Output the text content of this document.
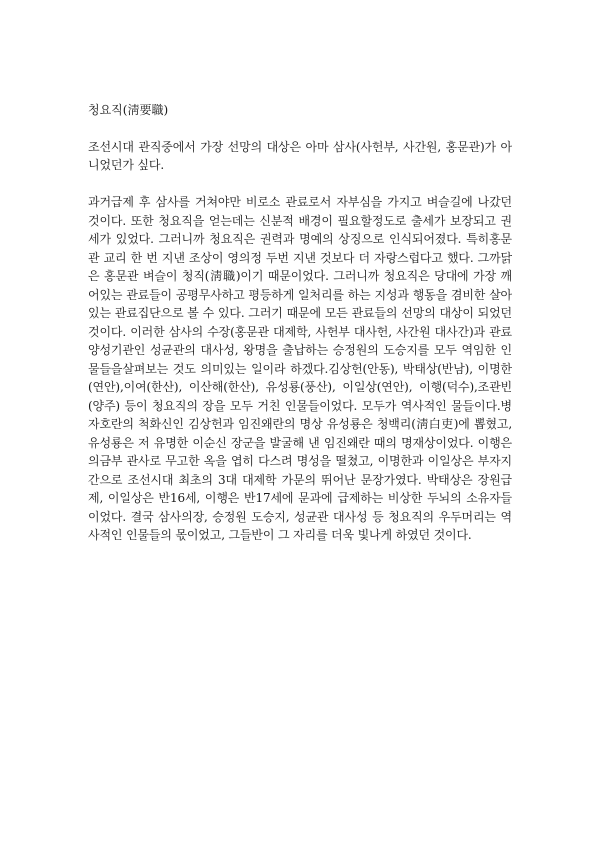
청요직(淸要職)

조선시대 관직중에서 가장 선망의 대상은 아마 삼사(사헌부, 사간원, 홍문관)가 아니었던가 싶다.

과거급제 후 삼사를 거쳐야만 비로소 관료로서 자부심을 가지고 벼슬길에 나갔던 것이다. 또한 청요직을 얻는데는 신분적 배경이 필요할정도로 출세가 보장되고 권세가 있었다. 그러니까 청요직은 권력과 명예의 상징으로 인식되어졌다. 특히홍문관 교리 한 번 지낸 조상이 영의정 두번 지낸 것보다 더 자랑스럽다고 했다. 그까닭은 홍문관 벼슬이 청직(淸職)이기 때문이었다. 그러니까 청요직은 당대에 가장 깨어있는 관료들이 공평무사하고 평등하게 일처리를 하는 지성과 행동을 겸비한 살아있는 관료집단으로 볼 수 있다. 그러기 때문에 모든 관료들의 선망의 대상이 되었던 것이다. 이러한 삼사의 수장(홍문관 대제학, 사헌부 대사헌, 사간원 대사간)과 관료양성기관인 성균관의 대사성, 왕명을 출납하는 승정원의 도승지를 모두 역임한 인물들을살펴보는 것도 의미있는 일이라 하겠다.김상헌(안동), 박태상(반남), 이명한(연안),이여(한산), 이산해(한산), 유성룡(풍산), 이일상(연안), 이행(덕수),조관빈(양주) 등이 청요직의 장을 모두 거친 인물들이었다. 모두가 역사적인 물들이다.병자호란의 척화신인 김상헌과 임진왜란의 명상 유성룡은 청백리(淸白吏)에 뽑혔고, 유성룡은 저 유명한 이순신 장군을 발굴해 낸 임진왜란 때의 명재상이었다. 이행은 의금부 관사로 무고한 옥을 엽히 다스려 명성을 떨쳤고, 이명한과 이일상은 부자지간으로 조선시대 최초의 3대 대제학 가문의 뛰어난 문장가였다. 박태상은 장원급제, 이일상은 반16세, 이행은 반17세에 문과에 급제하는 비상한 두뇌의 소유자들이었다. 결국 삼사의장, 승정원 도승지, 성균관 대사성 등 청요직의 우두머리는 역사적인 인물들의 몫이었고, 그들반이 그 자리를 더욱 빛나게 하였던 것이다.
